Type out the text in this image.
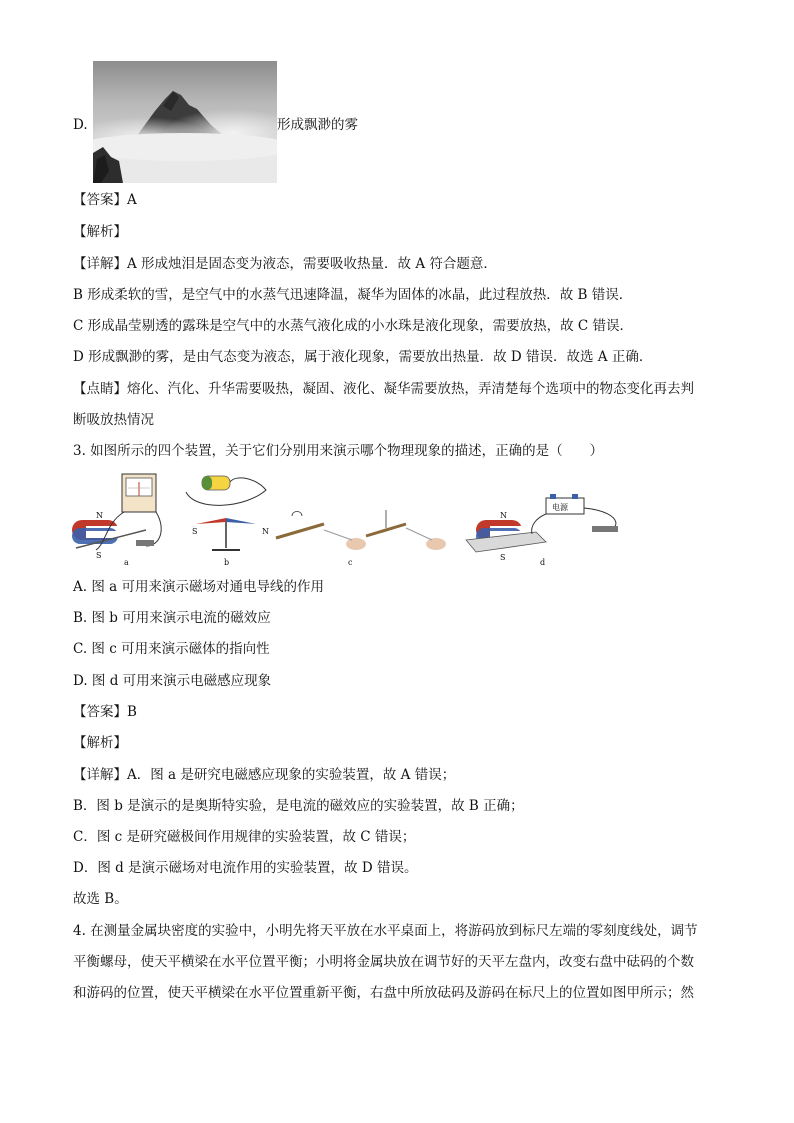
D.	形成飘渺的雾
【答案】A
【解析】
【详解】A 形成烛泪是固态变为液态，需要吸收热量．故 A 符合题意．
B 形成柔软的雪，是空气中的水蒸气迅速降温，凝华为固体的冰晶，此过程放热．故 B 错误．
C 形成晶莹剔透的露珠是空气中的水蒸气液化成的小水珠是液化现象，需要放热，故 C 错误．
D 形成飘渺的雾，是由气态变为液态，属于液化现象，需要放出热量．故 D 错误．故选 A 正确．
【点睛】熔化、汽化、升华需要吸热，凝固、液化、凝华需要放热，弄清楚每个选项中的物态变化再去判
断吸放热情况
3. 如图所示的四个装置，关于它们分别用来演示哪个物理现象的描述，正确的是（　　）
a	b	c	d
电源
N
S
N
S
N
S
A. 图 a 可用来演示磁场对通电导线的作用
B. 图 b 可用来演示电流的磁效应
C. 图 c 可用来演示磁体的指向性
D. 图 d 可用来演示电磁感应现象
【答案】B
【解析】
【详解】A．图 a 是研究电磁感应现象的实验装置，故 A 错误；
B．图 b 是演示的是奥斯特实验，是电流的磁效应的实验装置，故 B 正确；
C．图 c 是研究磁极间作用规律的实验装置，故 C 错误；
D．图 d 是演示磁场对电流作用的实验装置，故 D 错误。
故选 B。
4. 在测量金属块密度的实验中，小明先将天平放在水平桌面上，将游码放到标尺左端的零刻度线处，调节
平衡螺母，使天平横梁在水平位置平衡；小明将金属块放在调节好的天平左盘内，改变右盘中砝码的个数
和游码的位置，使天平横梁在水平位置重新平衡，右盘中所放砝码及游码在标尺上的位置如图甲所示；然
